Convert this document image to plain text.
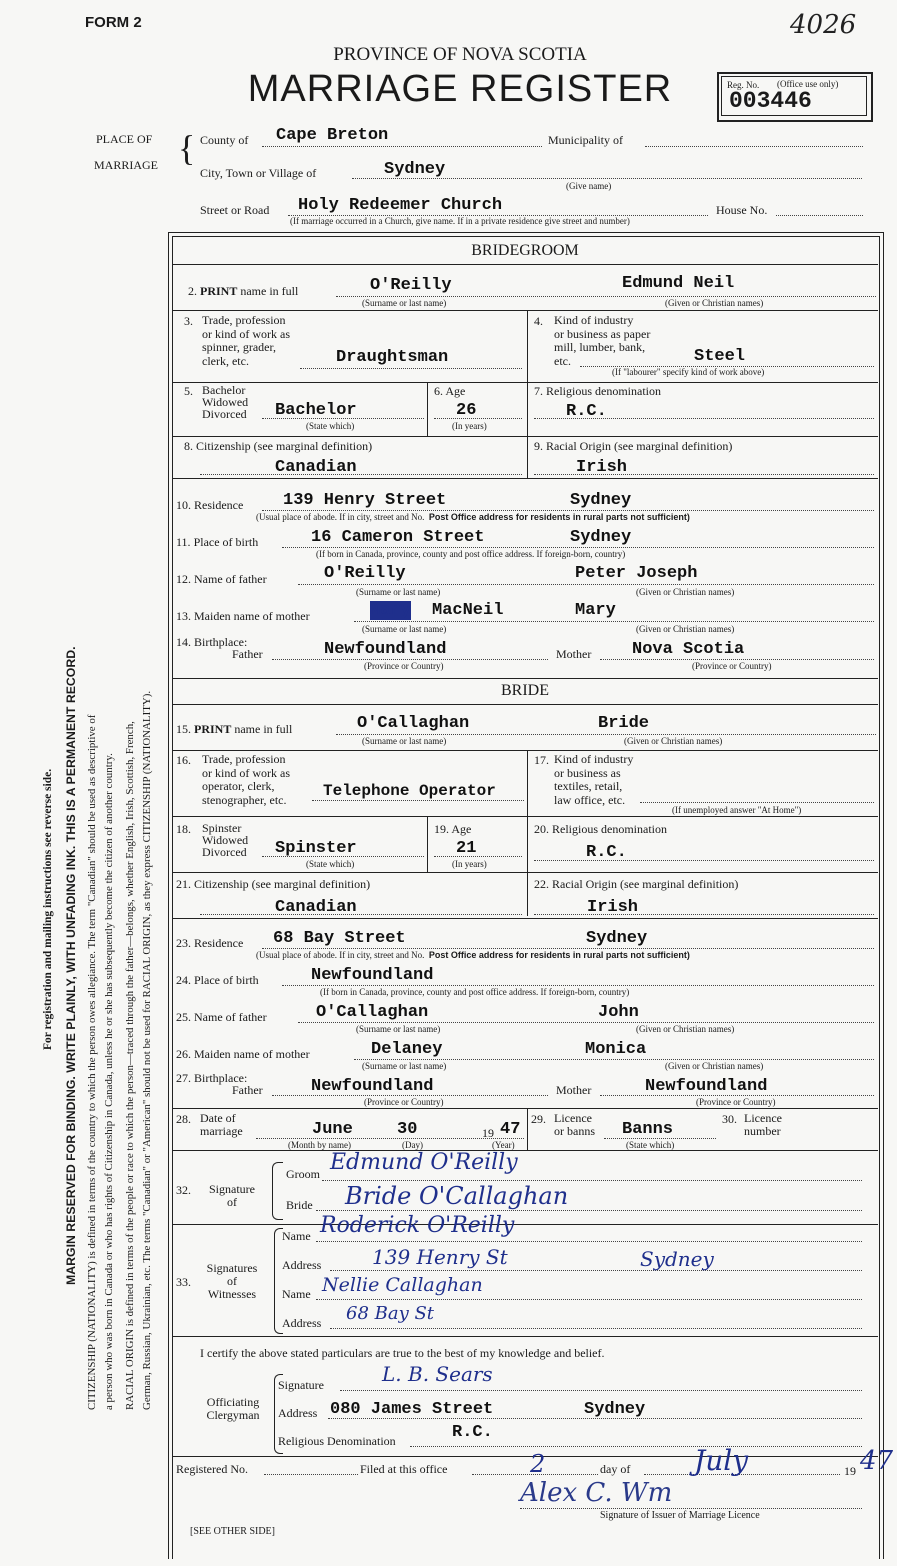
FORM 2	4026
PROVINCE OF NOVA SCOTIA
MARRIAGE REGISTER	Reg. No. (Office use only)
003446
For registration and mailing instructions see reverse side. MARGIN RESERVED FOR BINDING. WRITE PLAINLY, WITH UNFADING INK. THIS IS A PERMANENT RECORD. CITIZENSHIP (NATIONALITY) is defined in terms of the country to which the person owes allegiance. The term "Canadian" should be used as descriptive of a person who was born in Canada or who has rights of Citizenship in Canada, unless he or she has subsequently become the citizen of another country. RACIAL ORIGIN is defined in terms of the people or race to which the person—traced through the father—belongs, whether English, Irish, Scottish, French, German, Russian, Ukrainian, etc. The terms "Canadian" or "American" should not be used for RACIAL ORIGIN, as they express CITIZENSHIP (NATIONALITY).
PLACE OF
MARRIAGE { County of Cape Breton	Municipality of
City, Town or Village of	Sydney
(Give name)
Street or Road Holy Redeemer Church	House No.
(If marriage occurred in a Church, give name. If in a private residence give street and number)
BRIDEGROOM
2. PRINT name in full	O'Reilly	Edmund Neil
(Surname or last name)	(Given or Christian names)
3. Trade, profession
or kind of work as
spinner, grader,
clerk, etc.	Draughtsman
4. Kind of industry
or business as paper
mill, lumber, bank,
etc.	Steel
(If "labourer" specify kind of work above)
5. Bachelor
Widowed
Divorced Bachelor
(State which)
6. Age
26
(In years)
7. Religious denomination
R.C.
8. Citizenship (see marginal definition)
Canadian
9. Racial Origin (see marginal definition)
Irish
10. Residence 139 Henry Street	Sydney
(Usual place of abode. If in city, street and No. Post Office address for residents in rural parts not sufficient)
11. Place of birth	16 Cameron Street	Sydney
(If born in Canada, province, county and post office address. If foreign-born, country)
12. Name of father	O'Reilly	Peter Joseph
(Surname or last name)	(Given or Christian names)
13. Maiden name of mother	Mary MacNeil	Mary
(Surname or last name)	(Given or Christian names)
14. Birthplace:
Father	Newfoundland	Mother Nova Scotia
(Province or Country)	(Province or Country)
BRIDE
15. PRINT name in full	O'Callaghan	Bride
(Surname or last name)	(Given or Christian names)
16. Trade, profession
or kind of work as
operator, clerk,
stenographer, etc. Telephone Operator
17. Kind of industry
or business as
textiles, retail,
law office, etc.
(If unemployed answer "At Home")
18. Spinster
Widowed
Divorced Spinster
(State which)
19. Age
21
(In years)
20. Religious denomination
R.C.
21. Citizenship (see marginal definition)
Canadian
22. Racial Origin (see marginal definition)
Irish
23. Residence 68 Bay Street	Sydney
(Usual place of abode. If in city, street and No. Post Office address for residents in rural parts not sufficient)
24. Place of birth	Newfoundland
(If born in Canada, province, county and post office address. If foreign-born, country)
25. Name of father	O'Callaghan	John
(Surname or last name)	(Given or Christian names)
26. Maiden name of mother	Delaney	Monica
(Surname or last name)	(Given or Christian names)
27. Birthplace:
Father	Newfoundland	Mother	Newfoundland
(Province or Country)	(Province or Country)
28. Date of
marriage	June	30	19 47
(Month by name)	(Day)	(Year)
29. Licence
or banns Banns
(State which)
30. Licence
number
32.	Signature
of
Groom Edmund O'Reilly
Bride Bride O'Callaghan
33.
Signatures
of
Witnesses
Name Roderick O'Reilly
Address	139 Henry St	Sydney
Name Nellie Callaghan
Address 68 Bay St
I certify the above stated particulars are true to the best of my knowledge and belief.
Officiating
Clergyman
Signature	L. B. Sears
Address 080 James Street	Sydney
Religious Denomination	R.C.
Registered No.	Filed at this office	2	day of July	19 47
Alex C. Wm
Signature of Issuer of Marriage Licence
[SEE OTHER SIDE]
